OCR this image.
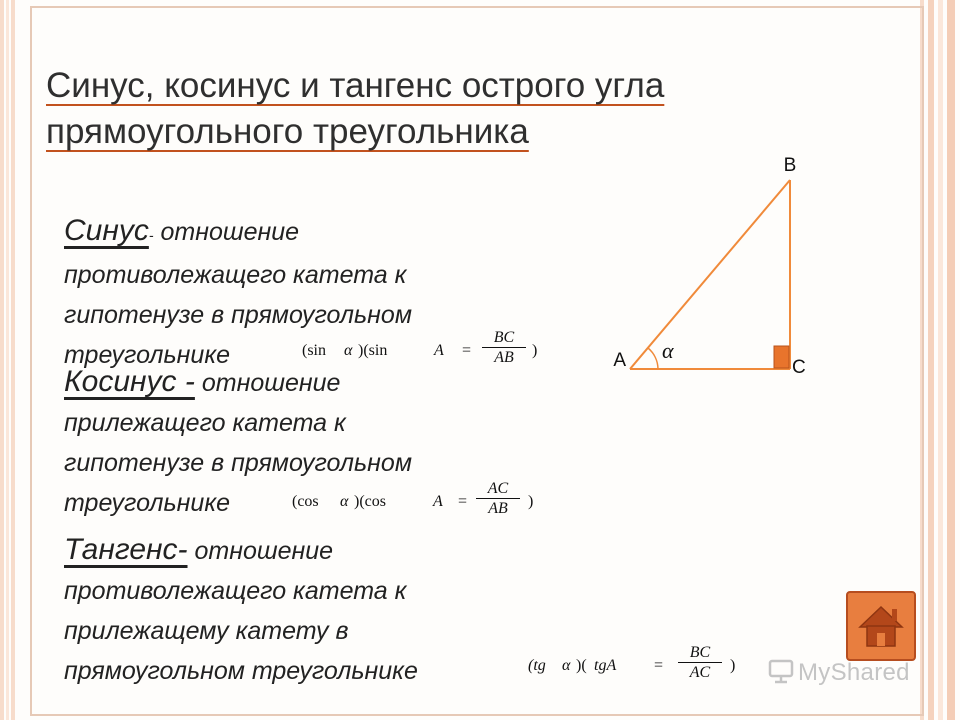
Синус, косинус и тангенс острого угла
прямоугольного треугольника
Синус- отношение
противолежащего катета к
гипотенузе в прямоугольном
треугольнике	(sin α )(sin	$A = \frac{BC}{AB}$ )
Косинус - отношение
прилежащего катета к
гипотенузе в прямоугольном
треугольнике	(cos α )(cos	$A = \frac{AC}{AB}$ )
Тангенс- отношение
противолежащего катета к
прилежащему катету в
прямоугольном треугольнике	(tg α )( tgA = $\frac{BC}{AC}$ )
B
A	C
α
MyShared
